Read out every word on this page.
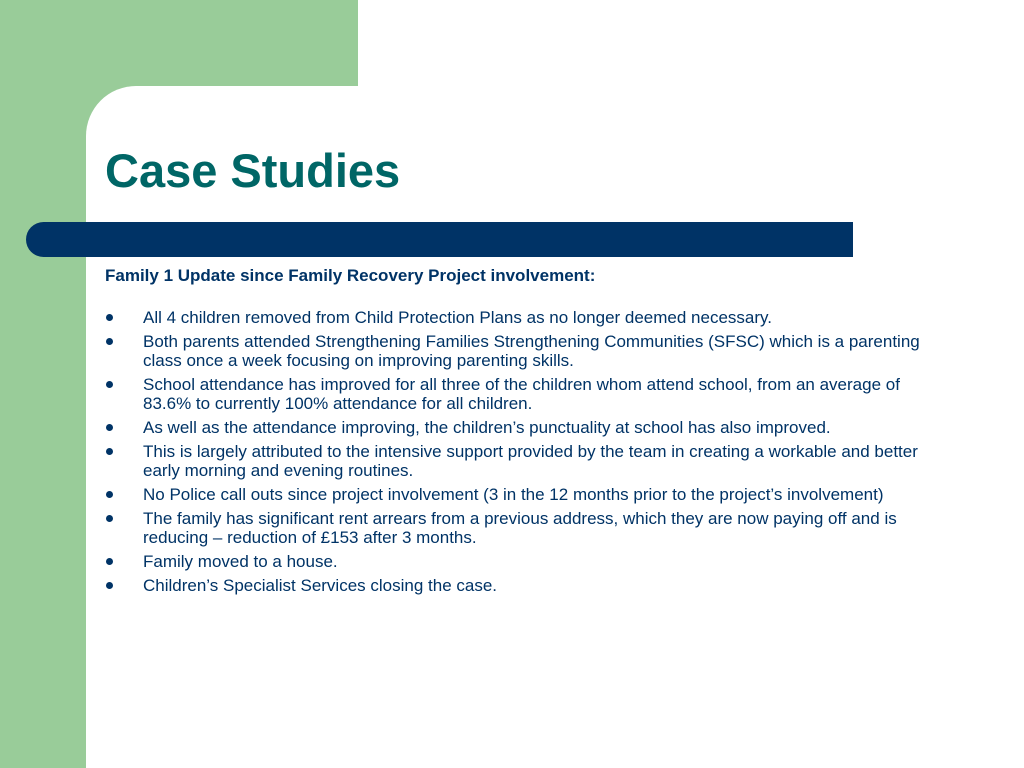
Case Studies

Family 1 Update since Family Recovery Project involvement:

All 4 children removed from Child Protection Plans as no longer deemed necessary.
Both parents attended Strengthening Families Strengthening Communities (SFSC) which is a parenting class once a week focusing on improving parenting skills.
School attendance has improved for all three of the children whom attend school, from an average of 83.6% to currently 100% attendance for all children.
As well as the attendance improving, the children’s punctuality at school has also improved.
This is largely attributed to the intensive support provided by the team in creating a workable and better early morning and evening routines.
No Police call outs since project involvement (3 in the 12 months prior to the project’s involvement)
The family has significant rent arrears from a previous address, which they are now paying off and is reducing – reduction of £153 after 3 months.
Family moved to a house.
Children’s Specialist Services closing the case.
